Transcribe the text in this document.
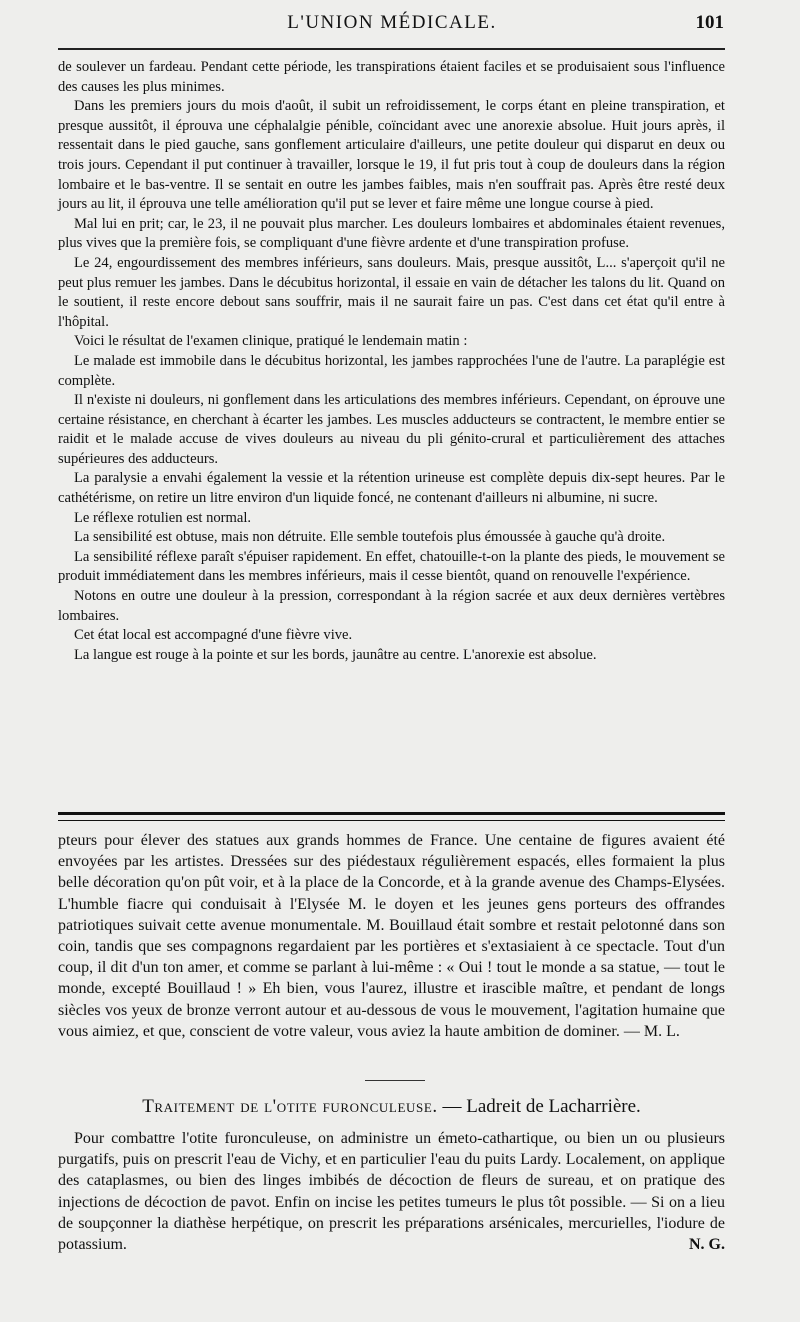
L'UNION MÉDICALE.	101

de soulever un fardeau. Pendant cette période, les transpirations étaient faciles et se produisaient sous l'influence des causes les plus minimes.

Dans les premiers jours du mois d'août, il subit un refroidissement, le corps étant en pleine transpiration, et presque aussitôt, il éprouva une céphalalgie pénible, coïncidant avec une anorexie absolue. Huit jours après, il ressentait dans le pied gauche, sans gonflement articulaire d'ailleurs, une petite douleur qui disparut en deux ou trois jours. Cependant il put continuer à travailler, lorsque le 19, il fut pris tout à coup de douleurs dans la région lombaire et le bas-ventre. Il se sentait en outre les jambes faibles, mais n'en souffrait pas. Après être resté deux jours au lit, il éprouva une telle amélioration qu'il put se lever et faire même une longue course à pied.

Mal lui en prit; car, le 23, il ne pouvait plus marcher. Les douleurs lombaires et abdominales étaient revenues, plus vives que la première fois, se compliquant d'une fièvre ardente et d'une transpiration profuse.

Le 24, engourdissement des membres inférieurs, sans douleurs. Mais, presque aussitôt, L... s'aperçoit qu'il ne peut plus remuer les jambes. Dans le décubitus horizontal, il essaie en vain de détacher les talons du lit. Quand on le soutient, il reste encore debout sans souffrir, mais il ne saurait faire un pas. C'est dans cet état qu'il entre à l'hôpital.

Voici le résultat de l'examen clinique, pratiqué le lendemain matin :

Le malade est immobile dans le décubitus horizontal, les jambes rapprochées l'une de l'autre. La paraplégie est complète.

Il n'existe ni douleurs, ni gonflement dans les articulations des membres inférieurs. Cependant, on éprouve une certaine résistance, en cherchant à écarter les jambes. Les muscles adducteurs se contractent, le membre entier se raidit et le malade accuse de vives douleurs au niveau du pli génito-crural et particulièrement des attaches supérieures des adducteurs.

La paralysie a envahi également la vessie et la rétention urineuse est complète depuis dix-sept heures. Par le cathétérisme, on retire un litre environ d'un liquide foncé, ne contenant d'ailleurs ni albumine, ni sucre.

Le réflexe rotulien est normal.

La sensibilité est obtuse, mais non détruite. Elle semble toutefois plus émoussée à gauche qu'à droite.

La sensibilité réflexe paraît s'épuiser rapidement. En effet, chatouille-t-on la plante des pieds, le mouvement se produit immédiatement dans les membres inférieurs, mais il cesse bientôt, quand on renouvelle l'expérience.

Notons en outre une douleur à la pression, correspondant à la région sacrée et aux deux dernières vertèbres lombaires.

Cet état local est accompagné d'une fièvre vive.

La langue est rouge à la pointe et sur les bords, jaunâtre au centre. L'anorexie est absolue.

pteurs pour élever des statues aux grands hommes de France. Une centaine de figures avaient été envoyées par les artistes. Dressées sur des piédestaux régulièrement espacés, elles formaient la plus belle décoration qu'on pût voir, et à la place de la Concorde, et à la grande avenue des Champs-Elysées. L'humble fiacre qui conduisait à l'Elysée M. le doyen et les jeunes gens porteurs des offrandes patriotiques suivait cette avenue monumentale. M. Bouillaud était sombre et restait pelotonné dans son coin, tandis que ses compagnons regardaient par les portières et s'extasiaient à ce spectacle. Tout d'un coup, il dit d'un ton amer, et comme se parlant à lui-même : « Oui ! tout le monde a sa statue, — tout le monde, excepté Bouillaud ! » Eh bien, vous l'aurez, illustre et irascible maître, et pendant de longs siècles vos yeux de bronze verront autour et au-dessous de vous le mouvement, l'agitation humaine que vous aimiez, et que, conscient de votre valeur, vous aviez la haute ambition de dominer. — M. L.

Traitement de l'otite furonculeuse. — Ladreit de Lacharrière.

Pour combattre l'otite furonculeuse, on administre un émeto-cathartique, ou bien un ou plusieurs purgatifs, puis on prescrit l'eau de Vichy, et en particulier l'eau du puits Lardy. Localement, on applique des cataplasmes, ou bien des linges imbibés de décoction de fleurs de sureau, et on pratique des injections de décoction de pavot. Enfin on incise les petites tumeurs le plus tôt possible. — Si on a lieu de soupçonner la diathèse herpétique, on prescrit les préparations arsénicales, mercurielles, l'iodure de potassium.	N. G.
